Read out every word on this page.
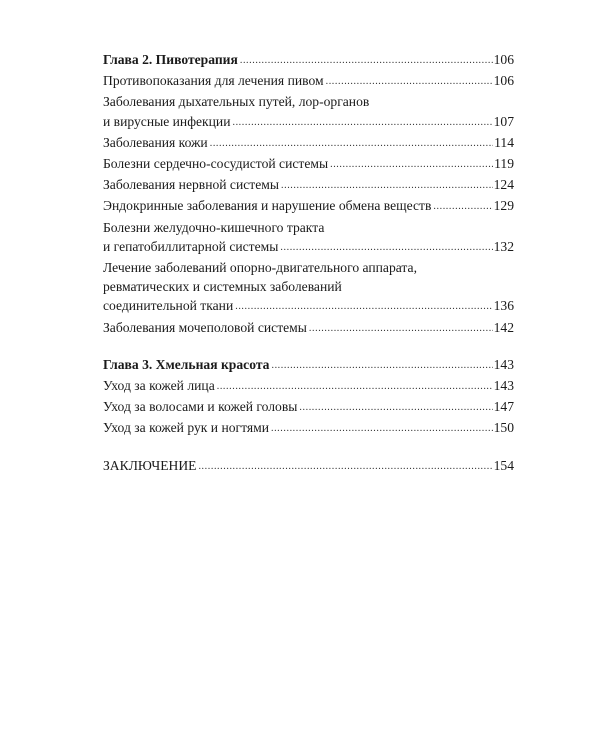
Глава 2. Пивотерапия .....	106
Противопоказания для лечения пивом .....	106
Заболевания дыхательных путей, лор-органов
и вирусные инфекции .....	107
Заболевания кожи .....	114
Болезни сердечно-сосудистой системы .....	119
Заболевания нервной системы .....	124
Эндокринные заболевания и нарушение обмена веществ .....	129
Болезни желудочно-кишечного тракта
и гепатобиллитарной системы .....	132
Лечение заболеваний опорно-двигательного аппарата,
ревматических и системных заболеваний
соединительной ткани .....	136
Заболевания мочеполовой системы .....	142
Глава 3. Хмельная красота .....	143
Уход за кожей лица .....	143
Уход за волосами и кожей головы .....	147
Уход за кожей рук и ногтями .....	150
ЗАКЛЮЧЕНИЕ .....	154
